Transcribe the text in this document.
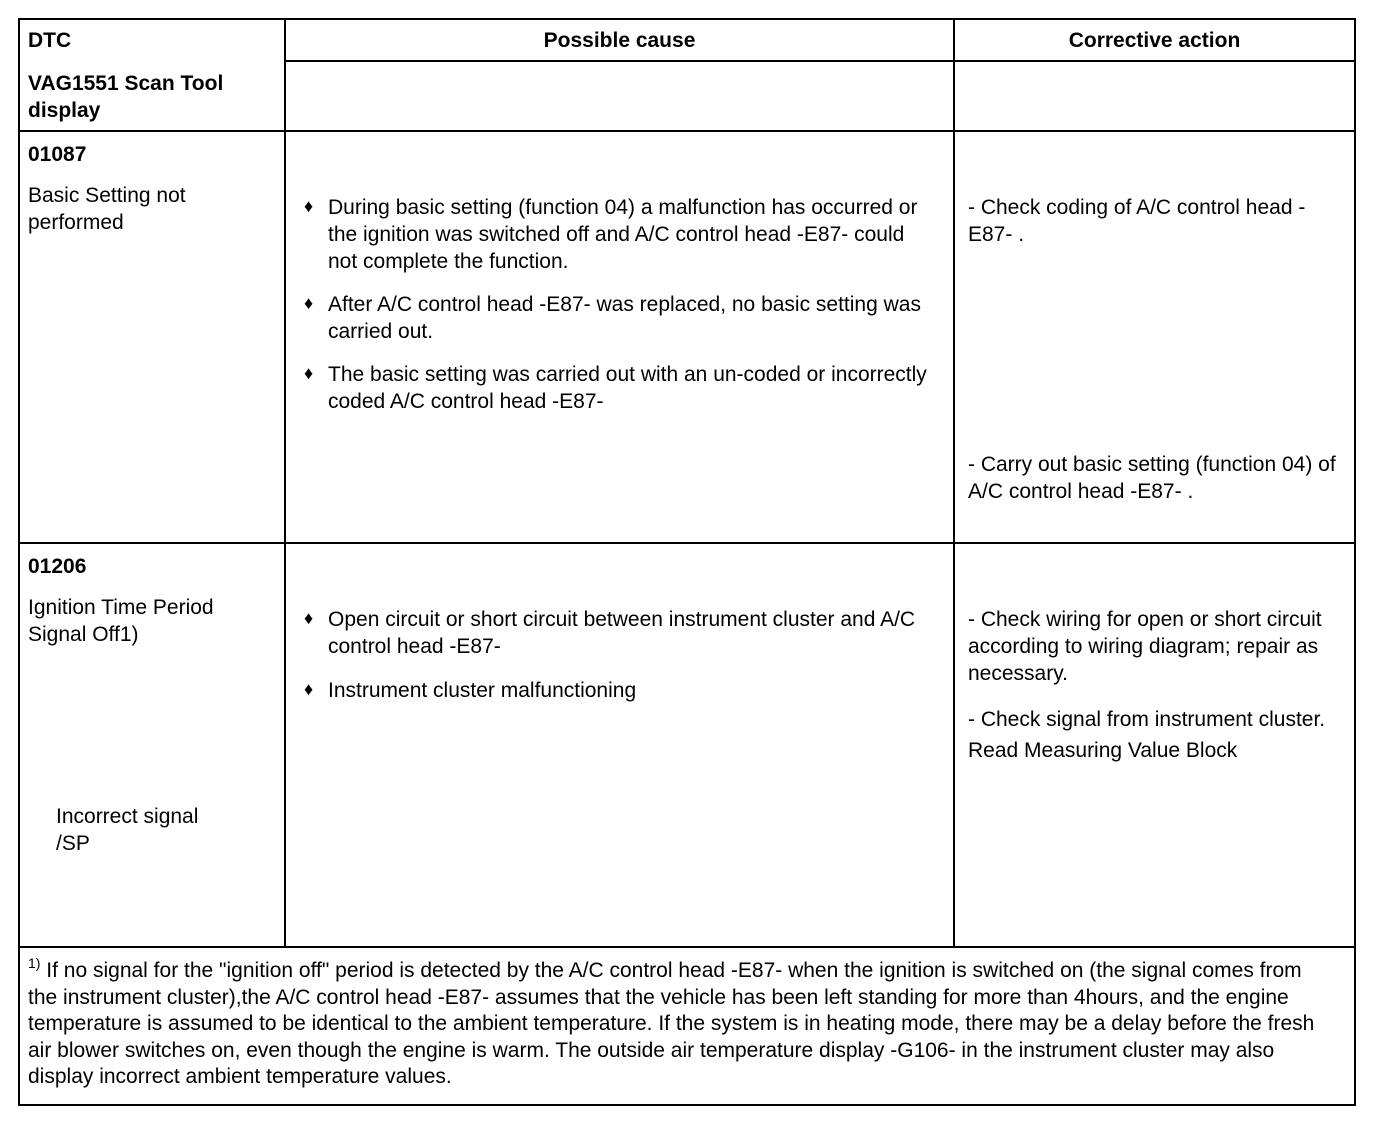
DTC
VAG1551 Scan Tool display
Possible cause	Corrective action
01087
Basic Setting not performed
♦ During basic setting (function 04) a malfunction has occurred or the ignition was switched off and A/C control head -E87- could not complete the function.
♦ After A/C control head -E87- was replaced, no basic setting was carried out.
♦ The basic setting was carried out with an un-coded or incorrectly coded A/C control head -E87-
- Check coding of A/C control head -E87- .
- Carry out basic setting (function 04) of A/C control head -E87- .
01206
Ignition Time Period Signal Off1)
Incorrect signal /SP
♦ Open circuit or short circuit between instrument cluster and A/C control head -E87-
♦ Instrument cluster malfunctioning
- Check wiring for open or short circuit according to wiring diagram; repair as necessary.
- Check signal from instrument cluster. Read Measuring Value Block
$^{1)}$ If no signal for the "ignition off" period is detected by the A/C control head -E87- when the ignition is switched on (the signal comes from the instrument cluster),the A/C control head -E87- assumes that the vehicle has been left standing for more than 4hours, and the engine temperature is assumed to be identical to the ambient temperature. If the system is in heating mode, there may be a delay before the fresh air blower switches on, even though the engine is warm. The outside air temperature display -G106- in the instrument cluster may also display incorrect ambient temperature values.
